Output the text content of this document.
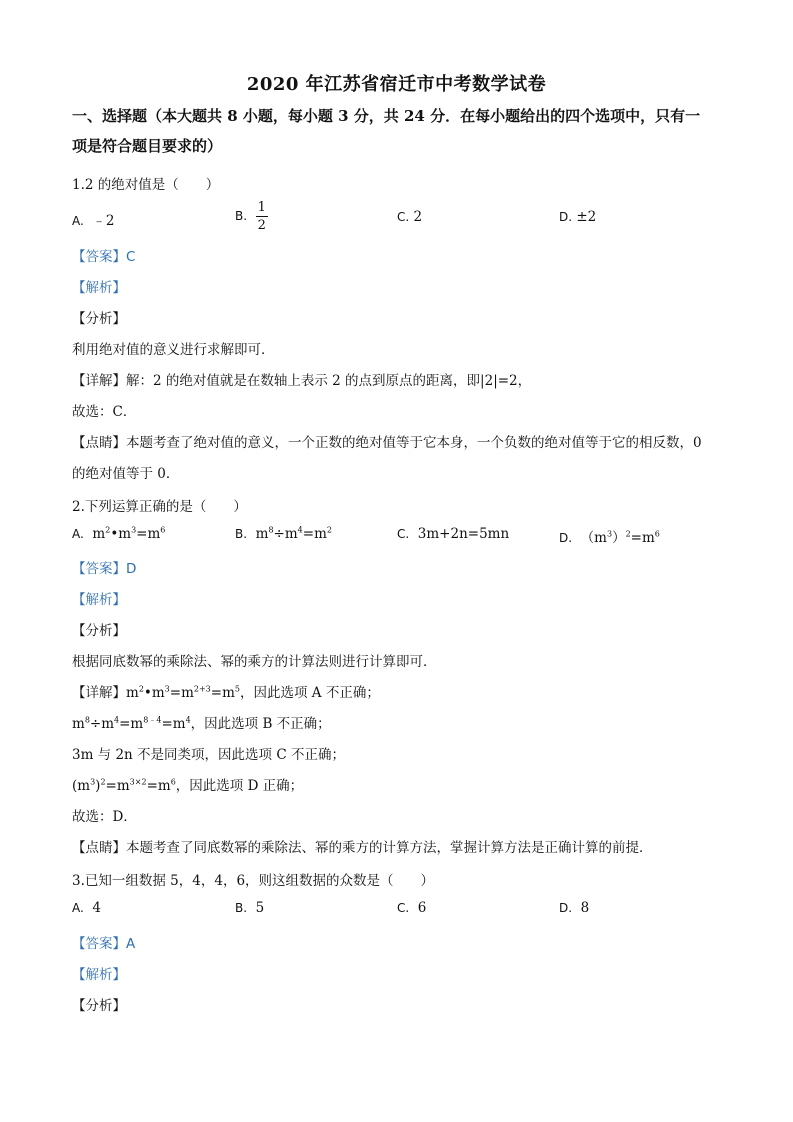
2020 年江苏省宿迁市中考数学试卷
一、选择题（本大题共 8 小题，每小题 3 分，共 24 分．在每小题给出的四个选项中，只有一
项是符合题目要求的）
1.2 的绝对值是（　　）
A. ﹣2	B. $\frac{1}{2}$	C. 2	D. ±2
【答案】C
【解析】
【分析】
利用绝对值的意义进行求解即可．
【详解】解：2 的绝对值就是在数轴上表示 2 的点到原点的距离，即|2|=2，
故选：C．
【点睛】本题考查了绝对值的意义，一个正数的绝对值等于它本身，一个负数的绝对值等于它的相反数，0
的绝对值等于 0．
2.下列运算正确的是（　　）
A. $m^2•m^3=m^6$	B. $m^8\div m^4=m^2$	C. 3m+2n=5mn	D. $(m^3)^2=m^6$
【答案】D
【解析】
【分析】
根据同底数幂的乘除法、幂的乘方的计算法则进行计算即可．
【详解】$m^2•m^3=m^{2+3}=m^5$，因此选项 A 不正确；
$m^8\div m^4=m^{8﹣4}=m^4$，因此选项 B 不正确；
3m 与 2n 不是同类项，因此选项 C 不正确；
$(m^3)^2=m^{3\times 2}=m^6$，因此选项 D 正确；
故选：D．
【点睛】本题考查了同底数幂的乘除法、幂的乘方的计算方法，掌握计算方法是正确计算的前提．
3.已知一组数据 5，4，4，6，则这组数据的众数是（　　）
A. 4	B. 5	C. 6	D. 8
【答案】A
【解析】
【分析】
